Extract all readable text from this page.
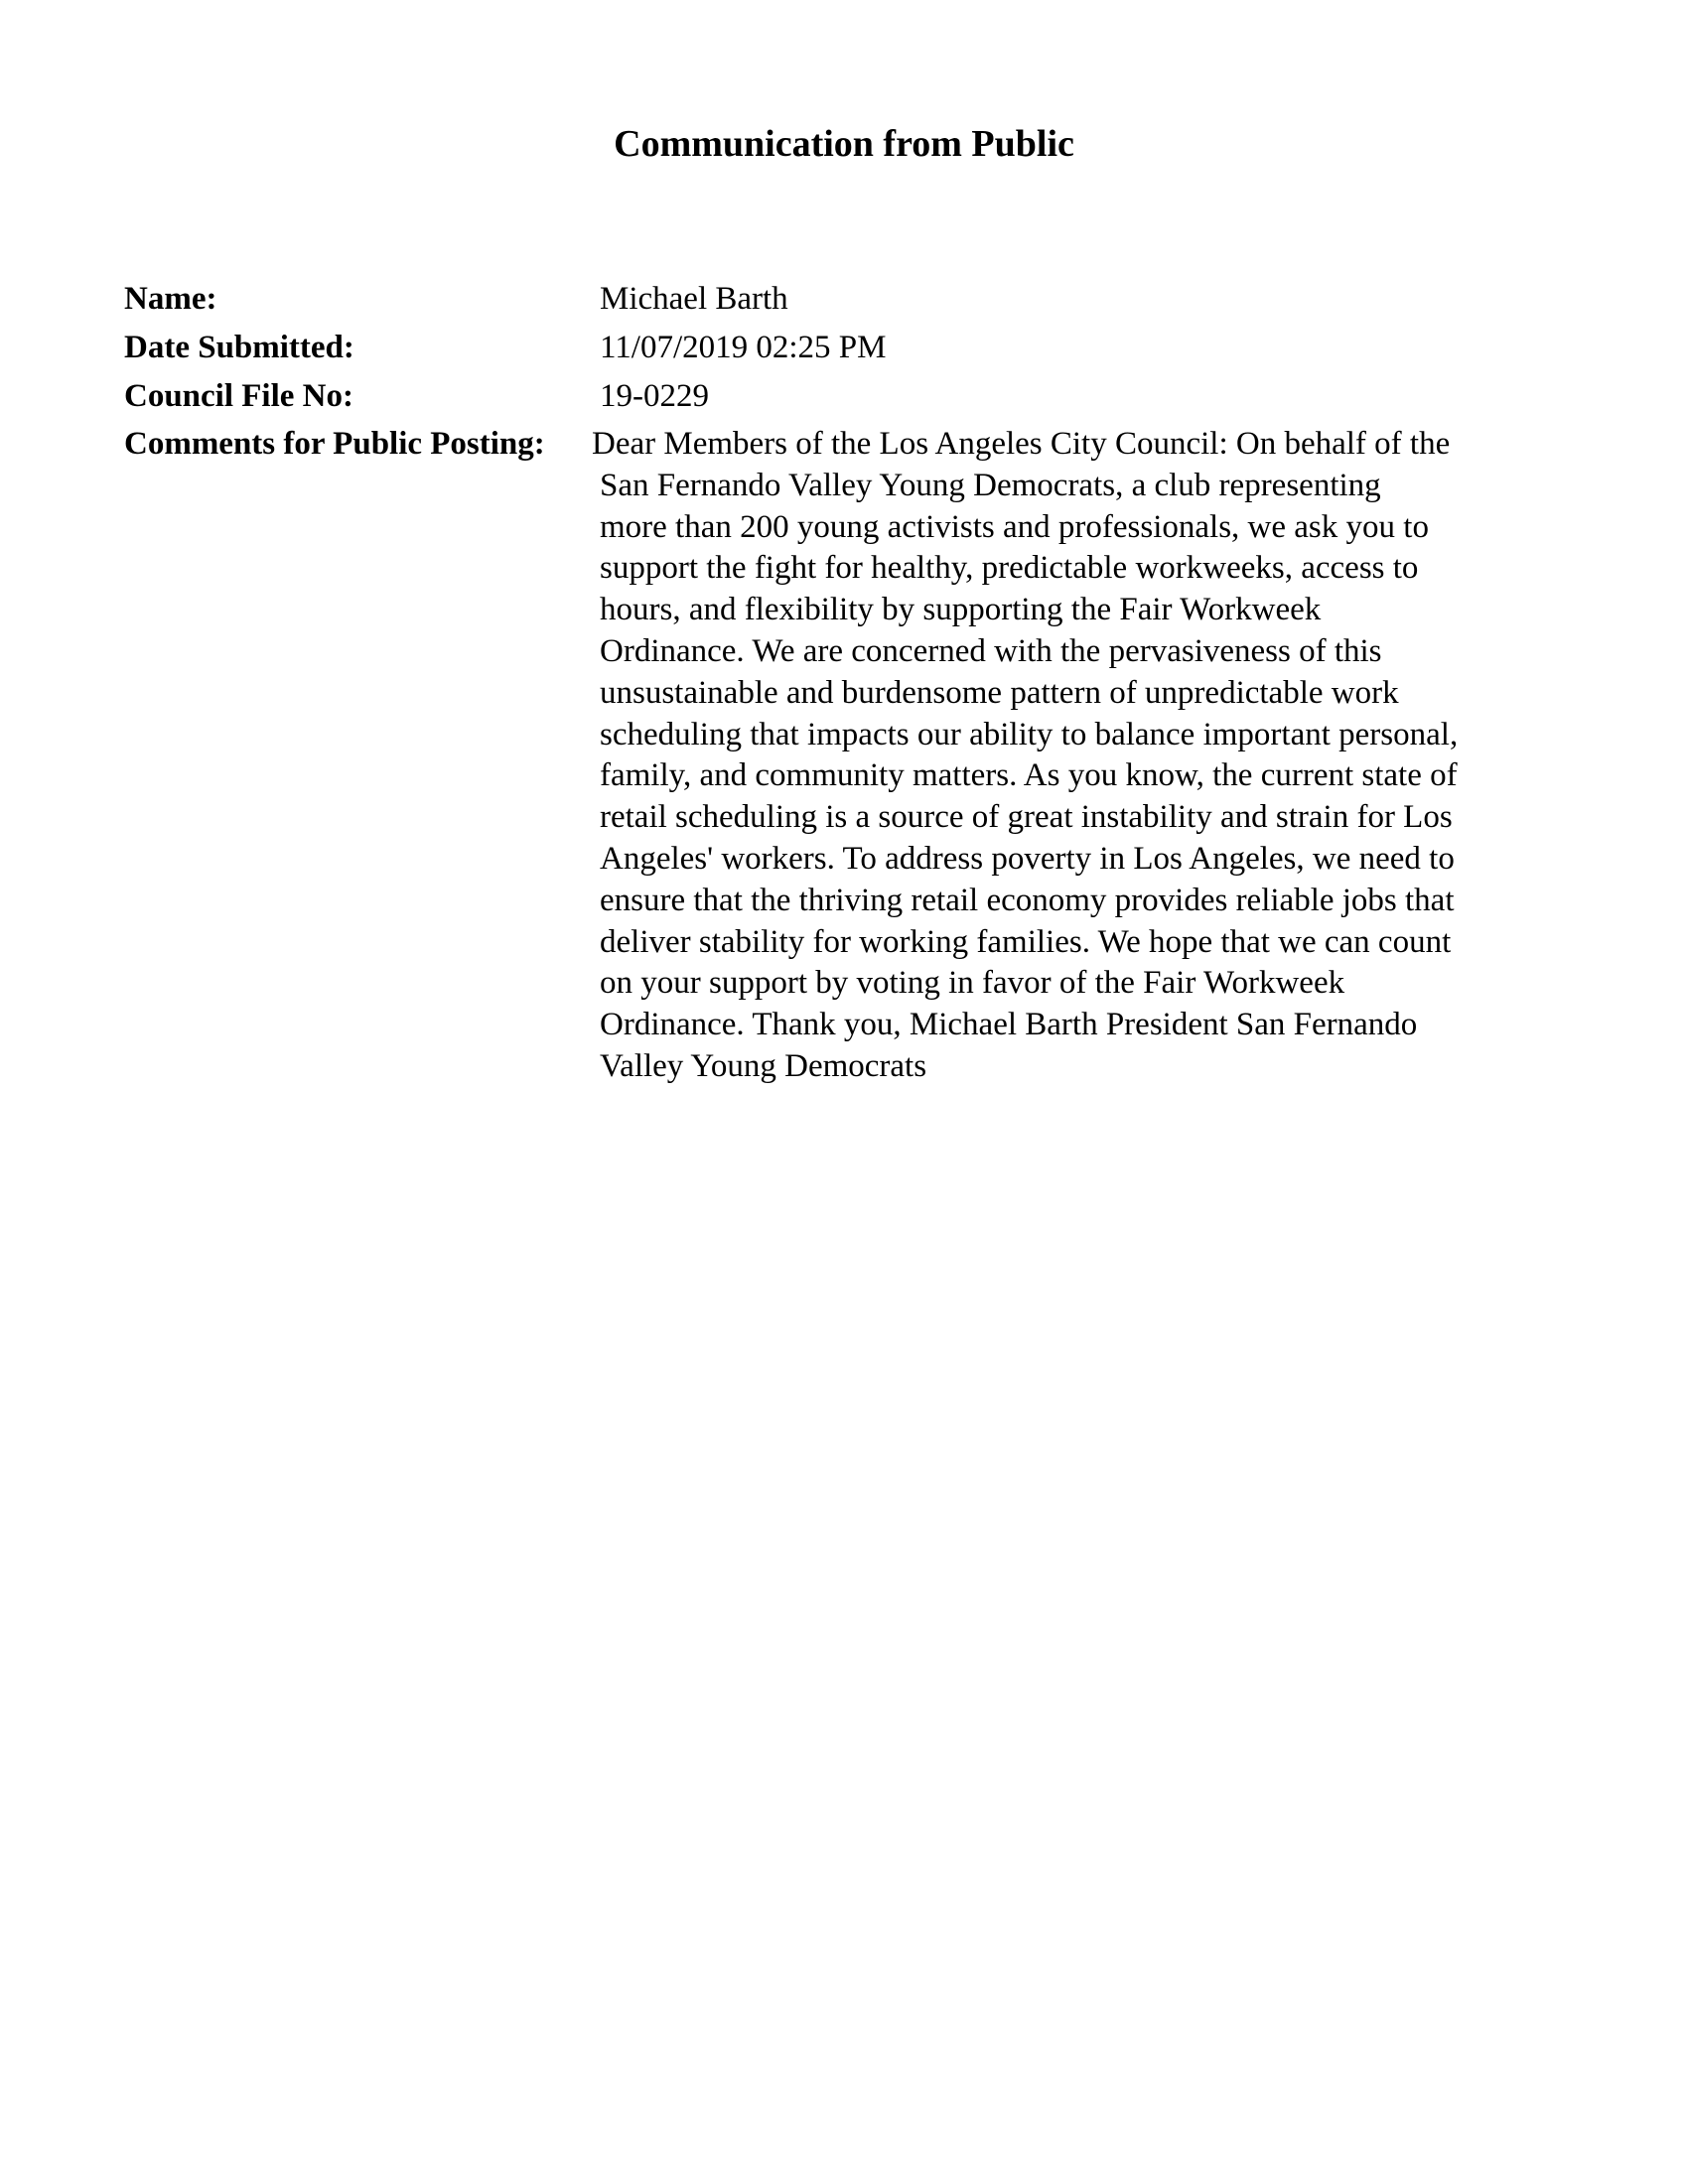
Communication from Public
Name:	Michael Barth
Date Submitted:	11/07/2019 02:25 PM
Council File No:	19-0229
Comments for Public Posting: Dear Members of the Los Angeles City Council: On behalf of the
San Fernando Valley Young Democrats, a club representing
more than 200 young activists and professionals, we ask you to
support the fight for healthy, predictable workweeks, access to
hours, and flexibility by supporting the Fair Workweek
Ordinance. We are concerned with the pervasiveness of this
unsustainable and burdensome pattern of unpredictable work
scheduling that impacts our ability to balance important personal,
family, and community matters. As you know, the current state of
retail scheduling is a source of great instability and strain for Los
Angeles' workers. To address poverty in Los Angeles, we need to
ensure that the thriving retail economy provides reliable jobs that
deliver stability for working families. We hope that we can count
on your support by voting in favor of the Fair Workweek
Ordinance. Thank you, Michael Barth President San Fernando
Valley Young Democrats
